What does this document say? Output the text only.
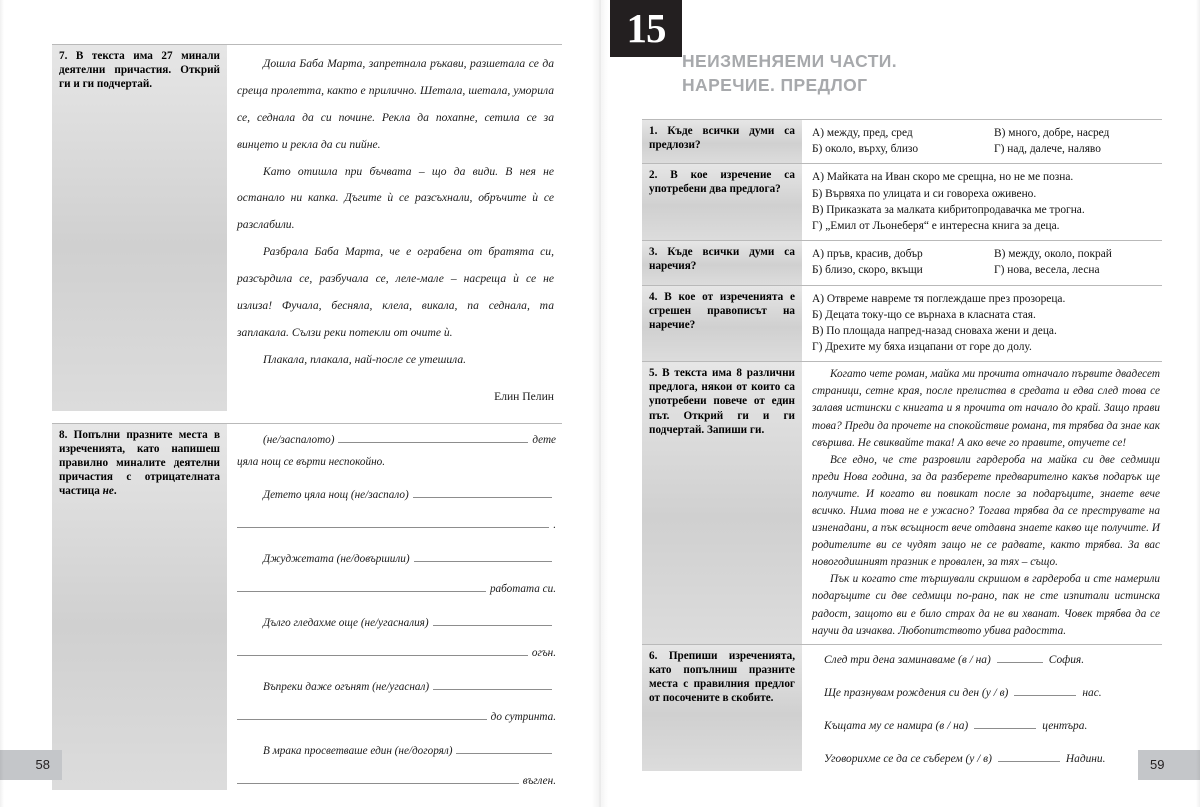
7. В текста има 27 минали деятелни причастия. Открий ги и ги подчертай.

Дошла Баба Марта, запретнала ръкави, разшетала се да среща пролетта, както е прилично. Шетала, шетала, уморила се, седнала да си почине. Рекла да похапне, сетила се за винцето и рекла да си пийне.

Като отишла при бъчвата – що да види. В нея не останало ни капка. Дъгите ѝ се разсъхнали, обръчите ѝ се разслабили.

Разбрала Баба Марта, че е ограбена от братята си, разсърдила се, разбучала се, леле-мале – насреща ѝ се не излиза! Фучала, бесняла, клела, викала, па седнала, та заплакала. Сълзи реки потекли от очите ѝ.

Плакала, плакала, най-после се утешила.

Елин Пелин

8. Попълни празните места в изреченията, като напишеш правилно миналите деятелни причастия с отрицателната частица не.
(не/заспалото)	дете
цяла нощ се върти неспокойно.
Детето цяла нощ (не/заспало)
.
Джуджетата (не/довършили)
работата си.
Дълго гледахме още (не/угасналия)
огън.
Въпреки даже огънят (не/угаснал)
до сутринта.
В мрака просветваше един (не/догорял)
въглен.
58
15
НЕИЗМЕНЯЕМИ ЧАСТИ.
НАРЕЧИЕ. ПРЕДЛОГ
1. Къде всички думи са предлози?
А) между, пред, сред	В) много, добре, насред
Б) около, върху, близо	Г) над, далече, наляво
2. В кое изречение са употребени два предлога?
А) Майката на Иван скоро ме срещна, но не ме позна.
Б) Вървяха по улицата и си говореха оживено.
В) Приказката за малката кибритопродавачка ме трогна.
Г) „Емил от Льонеберя“ е интересна книга за деца.
3. Къде всички думи са наречия?
А) пръв, красив, добър	В) между, около, покрай
Б) близо, скоро, вкъщи	Г) нова, весела, лесна
4. В кое от изреченията е сгрешен правописът на наречие?
А) Отвреме навреме тя поглеждаше през прозореца.
Б) Децата току-що се върнаха в класната стая.
В) По площада напред-назад сноваха жени и деца.
Г) Дрехите му бяха изцапани от горе до долу.
5. В текста има 8 различни предлога, някои от които са употребени повече от един път. Открий ги и ги подчертай. Запиши ги.

Когато чете роман, майка ми прочита отначало първите двадесет страници, сетне края, после прелиства в средата и едва след това се залавя истински с книгата и я прочита от начало до край. Защо прави това? Преди да прочете на спокойствие романа, тя трябва да знае как свършва. Не свиквайте така! А ако вече го правите, отучете се!

Все едно, че сте разровили гардероба на майка си две седмици преди Нова година, за да разберете предварително какъв подарък ще получите. И когато ви повикат после за подаръците, знаете вече всичко. Нима това не е ужасно? Тогава трябва да се преструвате на изненадани, а пък всъщност вече отдавна знаете какво ще получите. И родителите ви се чудят защо не се радвате, както трябва. За вас новогодишният празник е провален, за тях – също.

Пък и когато сте тършували скришом в гардероба и сте намерили подаръците си две седмици по-рано, пак не сте изпитали истинска радост, защото ви е било страх да не ви хванат. Човек трябва да се научи да изчаква. Любопитството убива радостта.

6. Препиши изреченията, като попълниш празните места с правилния предлог от посочените в скобите.
След три дена заминаваме (в / на)	София.
Ще празнувам рождения си ден (у / в)	нас.
Къщата му се намира (в / на)	центъра.
Уговорихме се да се съберем (у / в)	Надини.	59
